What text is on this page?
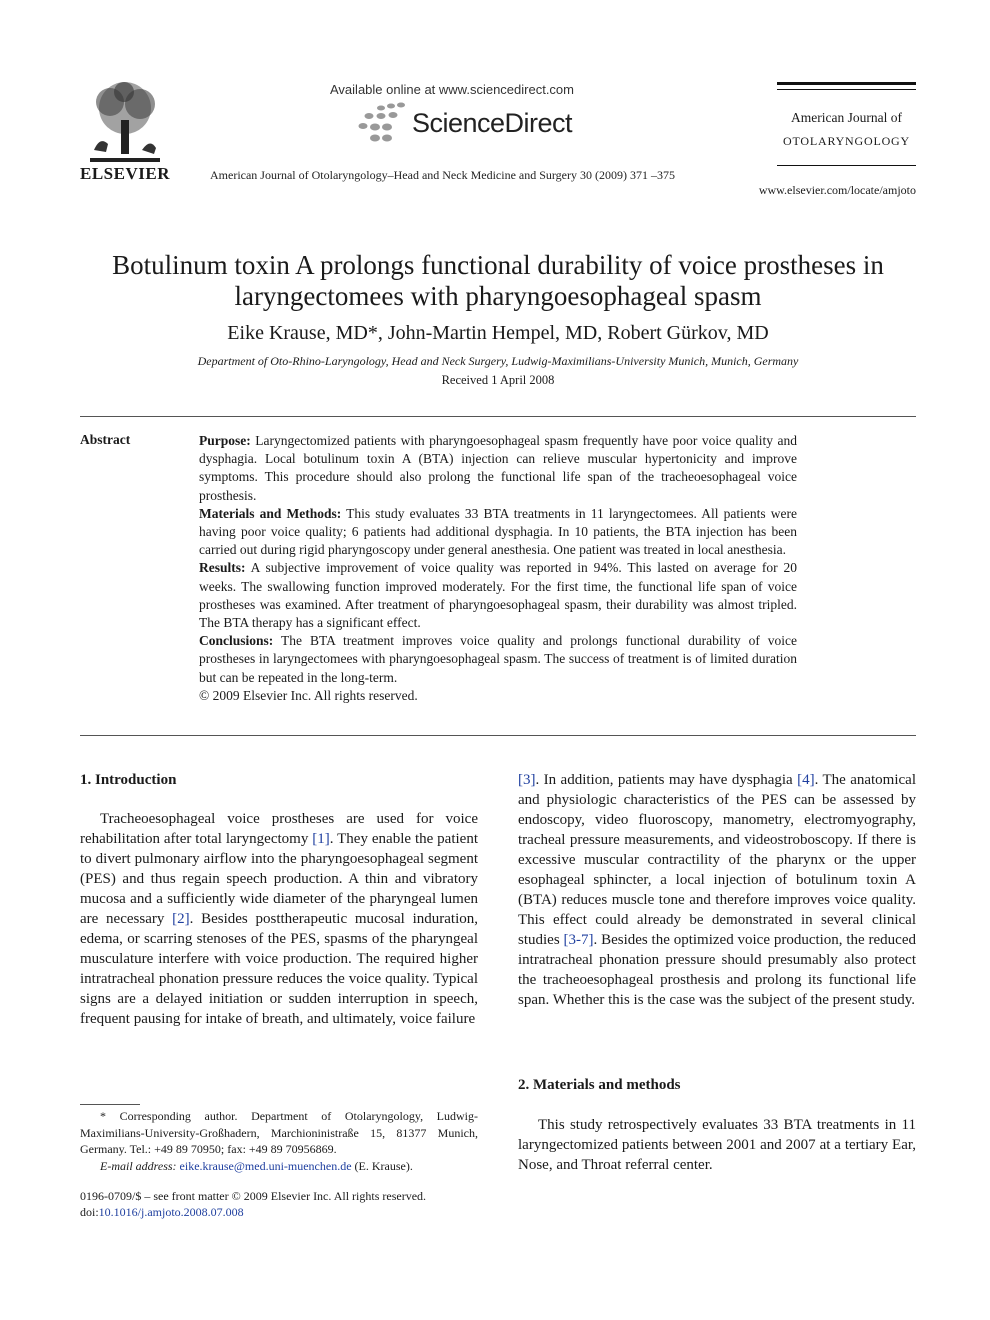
ELSEVIER
Available online at www.sciencedirect.com
ScienceDirect
American Journal of Otolaryngology–Head and Neck Medicine and Surgery 30 (2009) 371 –375
American Journal of
OTOLARYNGOLOGY
www.elsevier.com/locate/amjoto
Botulinum toxin A prolongs functional durability of voice prostheses in laryngectomees with pharyngoesophageal spasm
Eike Krause, MD*, John-Martin Hempel, MD, Robert Gürkov, MD
Department of Oto-Rhino-Laryngology, Head and Neck Surgery, Ludwig-Maximilians-University Munich, Munich, Germany
Received 1 April 2008
Abstract	Purpose: Laryngectomized patients with pharyngoesophageal spasm frequently have poor voice quality and dysphagia. Local botulinum toxin A (BTA) injection can relieve muscular hypertonicity and improve symptoms. This procedure should also prolong the functional life span of the tracheoesophageal voice prosthesis.

Materials and Methods: This study evaluates 33 BTA treatments in 11 laryngectomees. All patients were having poor voice quality; 6 patients had additional dysphagia. In 10 patients, the BTA injection has been carried out during rigid pharyngoscopy under general anesthesia. One patient was treated in local anesthesia.

Results: A subjective improvement of voice quality was reported in 94%. This lasted on average for 20 weeks. The swallowing function improved moderately. For the first time, the functional life span of voice prostheses was examined. After treatment of pharyngoesophageal spasm, their durability was almost tripled. The BTA therapy has a significant effect.

Conclusions: The BTA treatment improves voice quality and prolongs functional durability of voice prostheses in laryngectomees with pharyngoesophageal spasm. The success of treatment is of limited duration but can be repeated in the long-term.

© 2009 Elsevier Inc. All rights reserved.

1. Introduction

Tracheoesophageal voice prostheses are used for voice rehabilitation after total laryngectomy [1]. They enable the patient to divert pulmonary airflow into the pharyngoesophageal segment (PES) and thus regain speech production. A thin and vibratory mucosa and a sufficiently wide diameter of the pharyngeal lumen are necessary [2]. Besides posttherapeutic mucosal induration, edema, or scarring stenoses of the PES, spasms of the pharyngeal musculature interfere with voice production. The required higher intratracheal phonation pressure reduces the voice quality. Typical signs are a delayed initiation or sudden interruption in speech, frequent pausing for intake of breath, and ultimately, voice failure

* Corresponding author. Department of Otolaryngology, Ludwig-Maximilians-University-Großhadern, Marchioninistraße 15, 81377 Munich, Germany. Tel.: +49 89 70950; fax: +49 89 70956869.

E-mail address: eike.krause@med.uni-muenchen.de (E. Krause).

0196-0709/$ – see front matter © 2009 Elsevier Inc. All rights reserved.

doi:10.1016/j.amjoto.2008.07.008

[3]. In addition, patients may have dysphagia [4]. The anatomical and physiologic characteristics of the PES can be assessed by endoscopy, video fluoroscopy, manometry, electromyography, tracheal pressure measurements, and videostroboscopy. If there is excessive muscular contractility of the pharynx or the upper esophageal sphincter, a local injection of botulinum toxin A (BTA) reduces muscle tone and therefore improves voice quality. This effect could already be demonstrated in several clinical studies [3-7]. Besides the optimized voice production, the reduced intratracheal phonation pressure should presumably also protect the tracheoesophageal prosthesis and prolong its functional life span. Whether this is the case was the subject of the present study.

2. Materials and methods

This study retrospectively evaluates 33 BTA treatments in 11 laryngectomized patients between 2001 and 2007 at a tertiary Ear, Nose, and Throat referral center.
